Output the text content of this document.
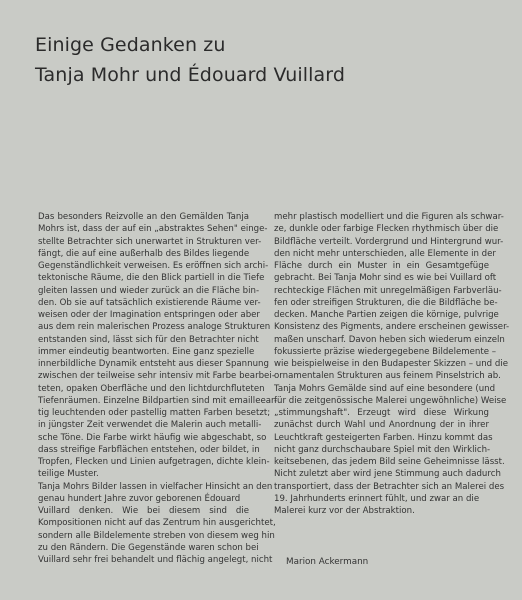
Einige Gedanken zu
Tanja Mohr und Édouard Vuillard
Das besonders Reizvolle an den Gemälden Tanja
Mohrs ist, dass der auf ein „abstraktes Sehen" einge-
stellte Betrachter sich unerwartet in Strukturen ver-
fängt, die auf eine außerhalb des Bildes liegende
Gegenständlichkeit verweisen. Es eröffnen sich archi-
tektonische Räume, die den Blick partiell in die Tiefe
gleiten lassen und wieder zurück an die Fläche bin-
den. Ob sie auf tatsächlich existierende Räume ver-
weisen oder der Imagination entspringen oder aber
aus dem rein malerischen Prozess analoge Strukturen
entstanden sind, lässt sich für den Betrachter nicht
immer eindeutig beantworten. Eine ganz spezielle
innerbildliche Dynamik entsteht aus dieser Spannung
zwischen der teilweise sehr intensiv mit Farbe bearbei-
teten, opaken Oberfläche und den lichtdurchfluteten
Tiefenräumen. Einzelne Bildpartien sind mit emailleear-
tig leuchtenden oder pastellig matten Farben besetzt;
in jüngster Zeit verwendet die Malerin auch metalli-
sche Töne. Die Farbe wirkt häufig wie abgeschabt, so
dass streifige Farbflächen entstehen, oder bildet, in
Tropfen, Flecken und Linien aufgetragen, dichte klein-
teilige Muster.
Tanja Mohrs Bilder lassen in vielfacher Hinsicht an den
genau hundert Jahre zuvor geborenen Édouard
Vuillard denken. Wie bei diesem sind die
Kompositionen nicht auf das Zentrum hin ausgerichtet,
sondern alle Bildelemente streben von diesem weg hin
zu den Rändern. Die Gegenstände waren schon bei
Vuillard sehr frei behandelt und flächig angelegt, nicht
mehr plastisch modelliert und die Figuren als schwar-
ze, dunkle oder farbige Flecken rhythmisch über die
Bildfläche verteilt. Vordergrund und Hintergrund wur-
den nicht mehr unterschieden, alle Elemente in der
Fläche durch ein Muster in ein Gesamtgefüge
gebracht. Bei Tanja Mohr sind es wie bei Vuillard oft
rechteckige Flächen mit unregelmäßigen Farbverläu-
fen oder streifigen Strukturen, die die Bildfläche be-
decken. Manche Partien zeigen die körnige, pulvrige
Konsistenz des Pigments, andere erscheinen gewisser-
maßen unscharf. Davon heben sich wiederum einzeln
fokussierte präzise wiedergegebene Bildelemente –
wie beispielweise in den Budapester Skizzen – und die
ornamentalen Strukturen aus feinem Pinselstrich ab.
Tanja Mohrs Gemälde sind auf eine besondere (und
für die zeitgenössische Malerei ungewöhnliche) Weise
„stimmungshaft". Erzeugt wird diese Wirkung
zunächst durch Wahl und Anordnung der in ihrer
Leuchtkraft gesteigerten Farben. Hinzu kommt das
nicht ganz durchschaubare Spiel mit den Wirklich-
keitsebenen, das jedem Bild seine Geheimnisse lässt.
Nicht zuletzt aber wird jene Stimmung auch dadurch
transportiert, dass der Betrachter sich an Malerei des
19. Jahrhunderts erinnert fühlt, und zwar an die
Malerei kurz vor der Abstraktion.
Marion Ackermann
